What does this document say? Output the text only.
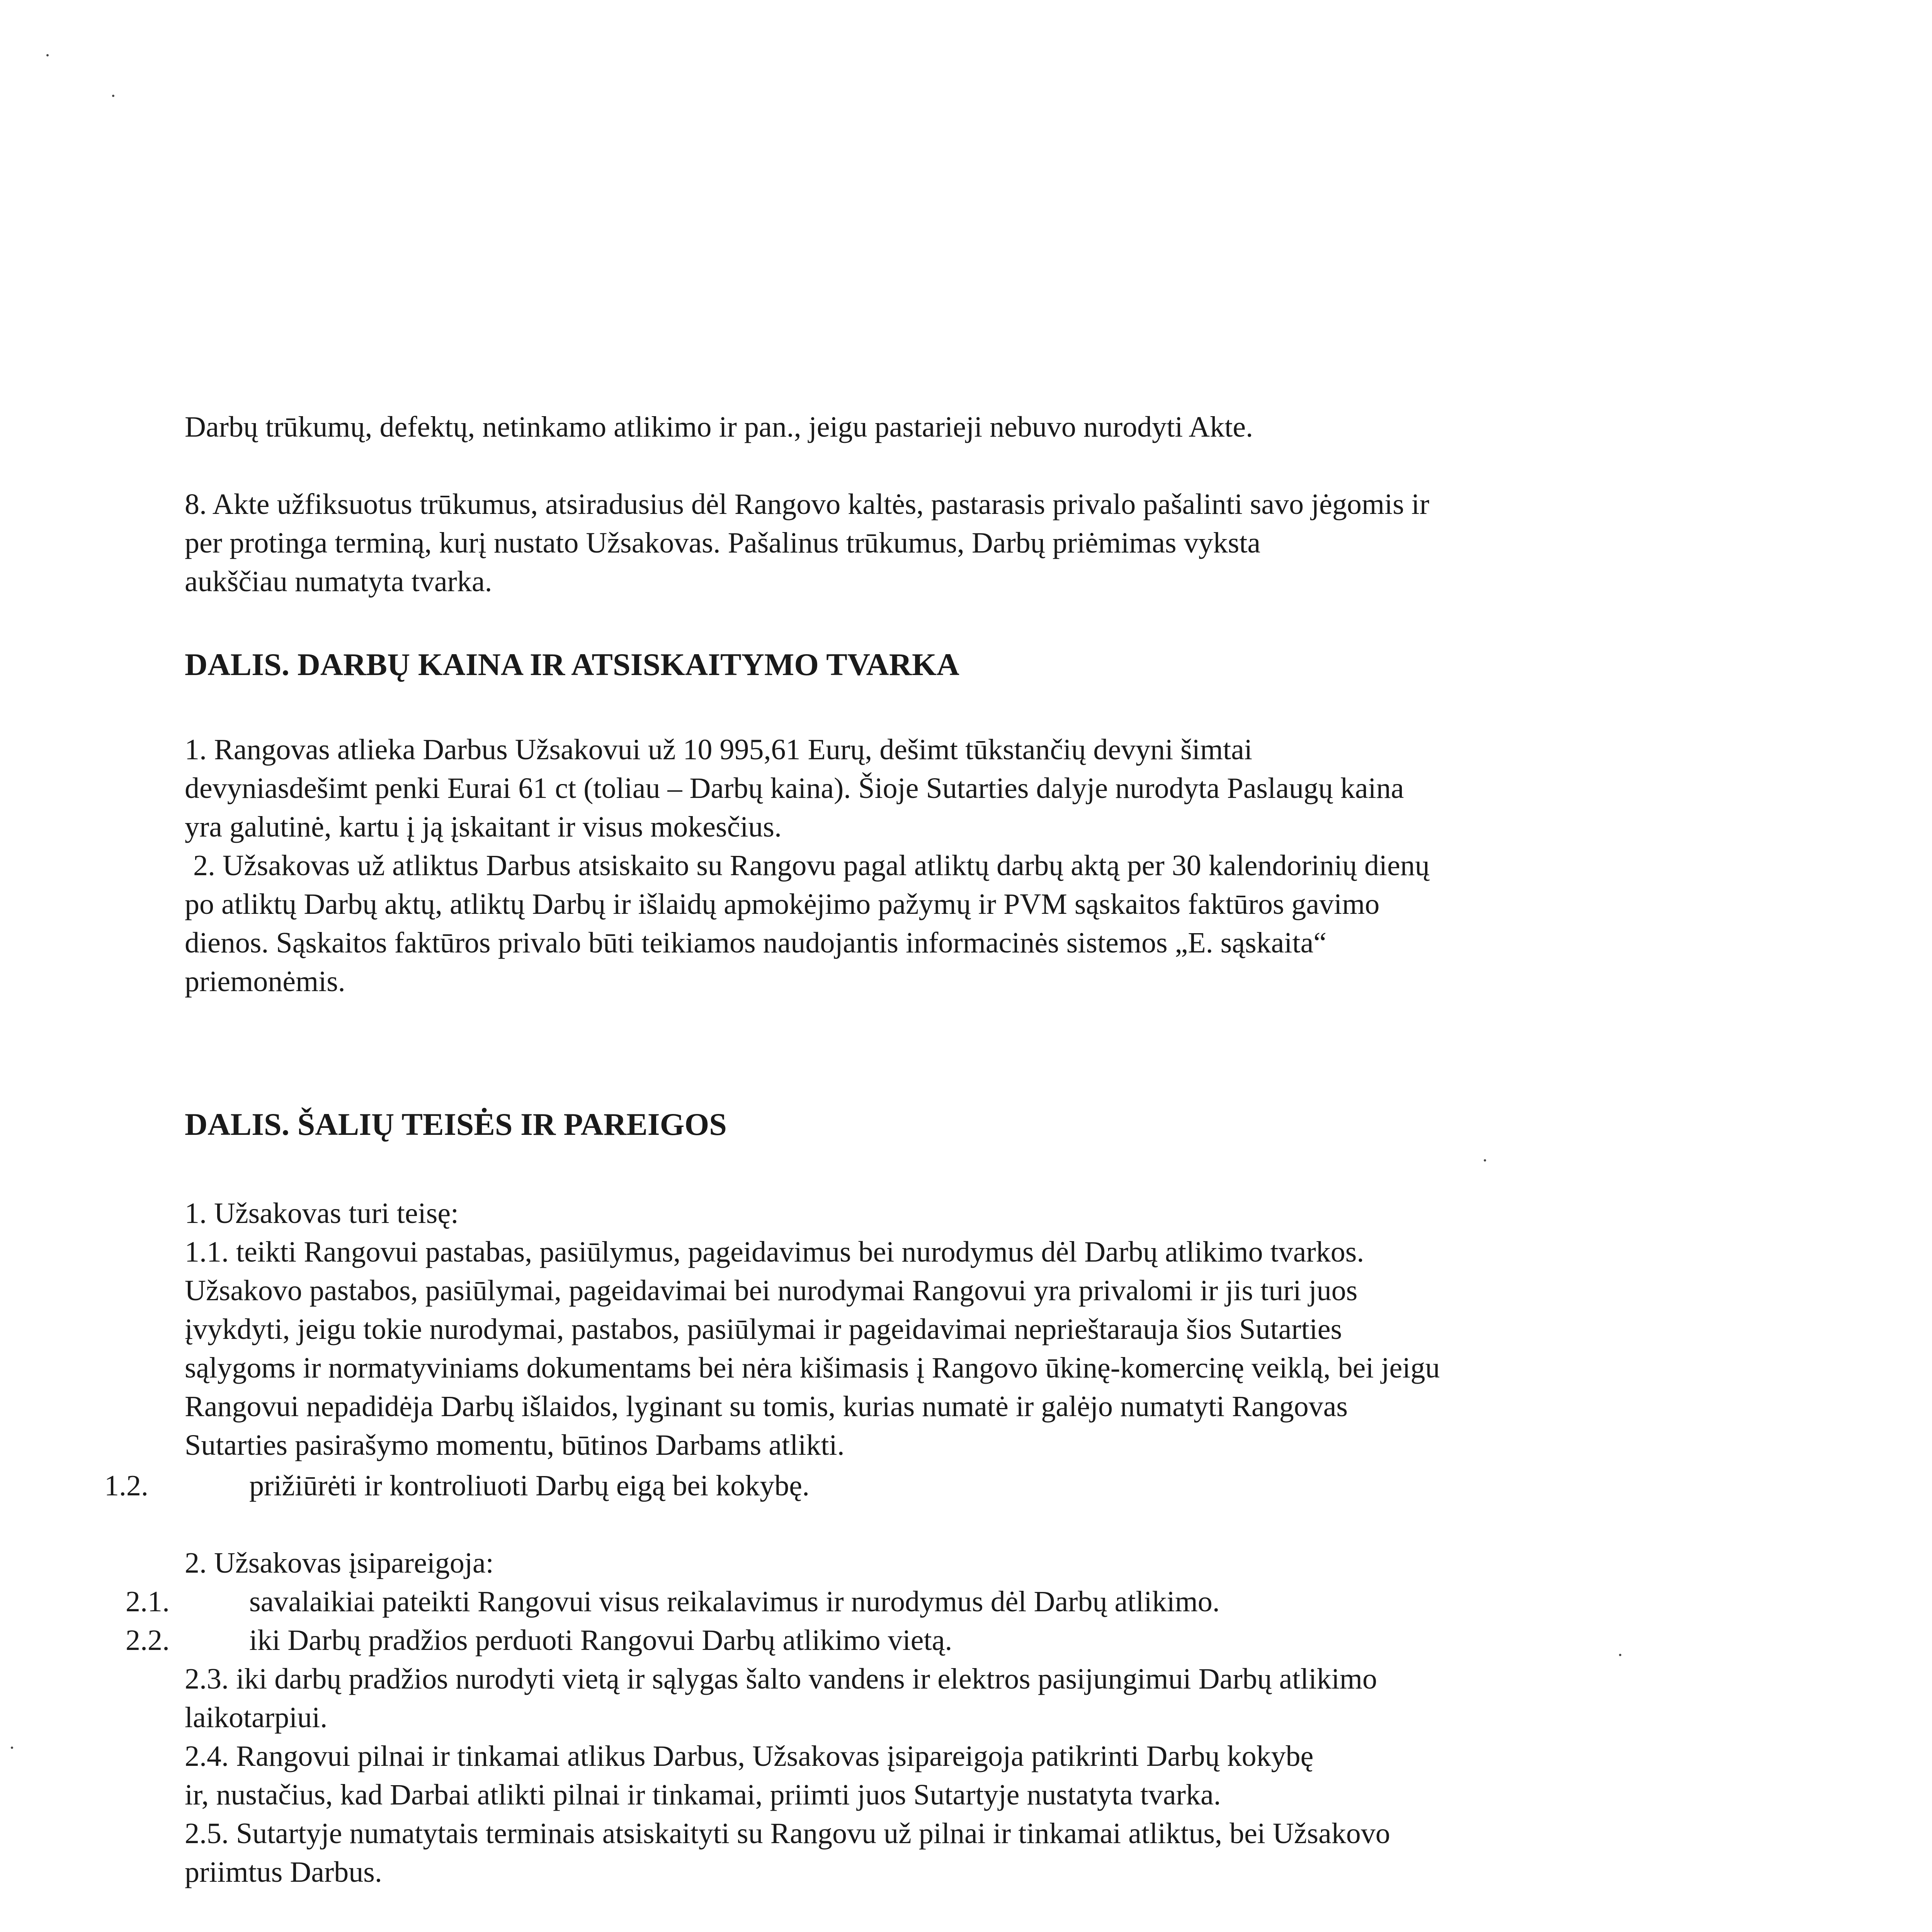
Darbų trūkumų, defektų, netinkamo atlikimo ir pan., jeigu pastarieji nebuvo nurodyti Akte.
8. Akte užfiksuotus trūkumus, atsiradusius dėl Rangovo kaltės, pastarasis privalo pašalinti savo jėgomis ir
per protinga terminą, kurį nustato Užsakovas. Pašalinus trūkumus, Darbų priėmimas vyksta
aukščiau numatyta tvarka.
DALIS. DARBŲ KAINA IR ATSISKAITYMO TVARKA
1. Rangovas atlieka Darbus Užsakovui už 10 995,61 Eurų, dešimt tūkstančių devyni šimtai
devyniasdešimt penki Eurai 61 ct (toliau – Darbų kaina). Šioje Sutarties dalyje nurodyta Paslaugų kaina
yra galutinė, kartu į ją įskaitant ir visus mokesčius.
2. Užsakovas už atliktus Darbus atsiskaito su Rangovu pagal atliktų darbų aktą per 30 kalendorinių dienų
po atliktų Darbų aktų, atliktų Darbų ir išlaidų apmokėjimo pažymų ir PVM sąskaitos faktūros gavimo
dienos. Sąskaitos faktūros privalo būti teikiamos naudojantis informacinės sistemos „E. sąskaita“
priemonėmis.
DALIS. ŠALIŲ TEISĖS IR PAREIGOS
1. Užsakovas turi teisę:
1.1. teikti Rangovui pastabas, pasiūlymus, pageidavimus bei nurodymus dėl Darbų atlikimo tvarkos.
Užsakovo pastabos, pasiūlymai, pageidavimai bei nurodymai Rangovui yra privalomi ir jis turi juos
įvykdyti, jeigu tokie nurodymai, pastabos, pasiūlymai ir pageidavimai neprieštarauja šios Sutarties
sąlygoms ir normatyviniams dokumentams bei nėra kišimasis į Rangovo ūkinę-komercinę veiklą, bei jeigu
Rangovui nepadidėja Darbų išlaidos, lyginant su tomis, kurias numatė ir galėjo numatyti Rangovas
Sutarties pasirašymo momentu, būtinos Darbams atlikti.
1.2.	prižiūrėti ir kontroliuoti Darbų eigą bei kokybę.
2. Užsakovas įsipareigoja:
2.1.	savalaikiai pateikti Rangovui visus reikalavimus ir nurodymus dėl Darbų atlikimo.
2.2.	iki Darbų pradžios perduoti Rangovui Darbų atlikimo vietą.
2.3. iki darbų pradžios nurodyti vietą ir sąlygas šalto vandens ir elektros pasijungimui Darbų atlikimo
laikotarpiui.
2.4. Rangovui pilnai ir tinkamai atlikus Darbus, Užsakovas įsipareigoja patikrinti Darbų kokybę
ir, nustačius, kad Darbai atlikti pilnai ir tinkamai, priimti juos Sutartyje nustatyta tvarka.
2.5. Sutartyje numatytais terminais atsiskaityti su Rangovu už pilnai ir tinkamai atliktus, bei Užsakovo
priimtus Darbus.
